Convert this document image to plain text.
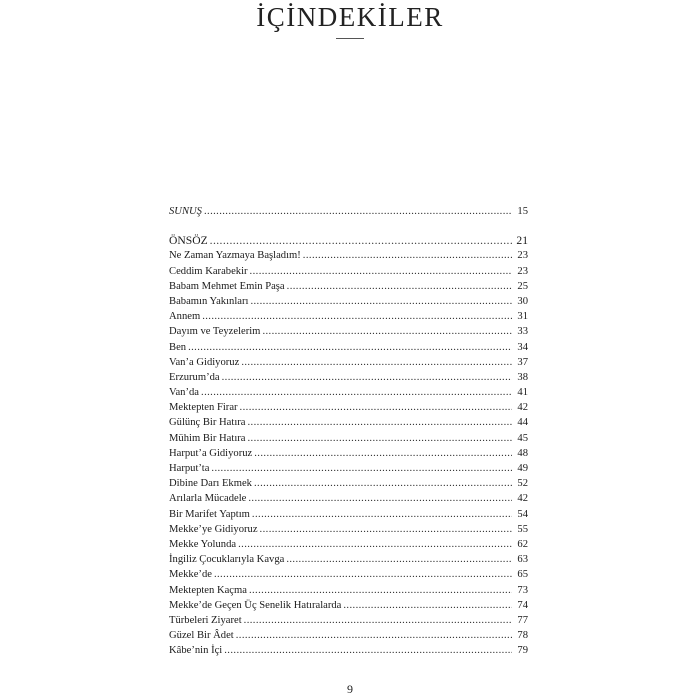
İÇİNDEKİLER
SUNUŞ .....	15
ÖNSÖZ .....	21
Ne Zaman Yazmaya Başladım! .....	23
Ceddim Karabekir .....	23
Babam Mehmet Emin Paşa .....	25
Babamın Yakınları .....	30
Annem .....	31
Dayım ve Teyzelerim .....	33
Ben .....	34
Van’a Gidiyoruz .....	37
Erzurum’da .....	38
Van’da .....	41
Mektepten Firar .....	42
Gülünç Bir Hatıra .....	44
Mühim Bir Hatıra .....	45
Harput’a Gidiyoruz .....	48
Harput’ta .....	49
Dibine Darı Ekmek .....	52
Arılarla Mücadele .....	42
Bir Marifet Yaptım .....	54
Mekke’ye Gidiyoruz .....	55
Mekke Yolunda .....	62
İngiliz Çocuklarıyla Kavga .....	63
Mekke’de .....	65
Mektepten Kaçma .....	73
Mekke’de Geçen Üç Senelik Hatıralarda .....	74
Türbeleri Ziyaret .....	77
Güzel Bir Âdet .....	78
Kâbe’nin İçi .....	79
9
